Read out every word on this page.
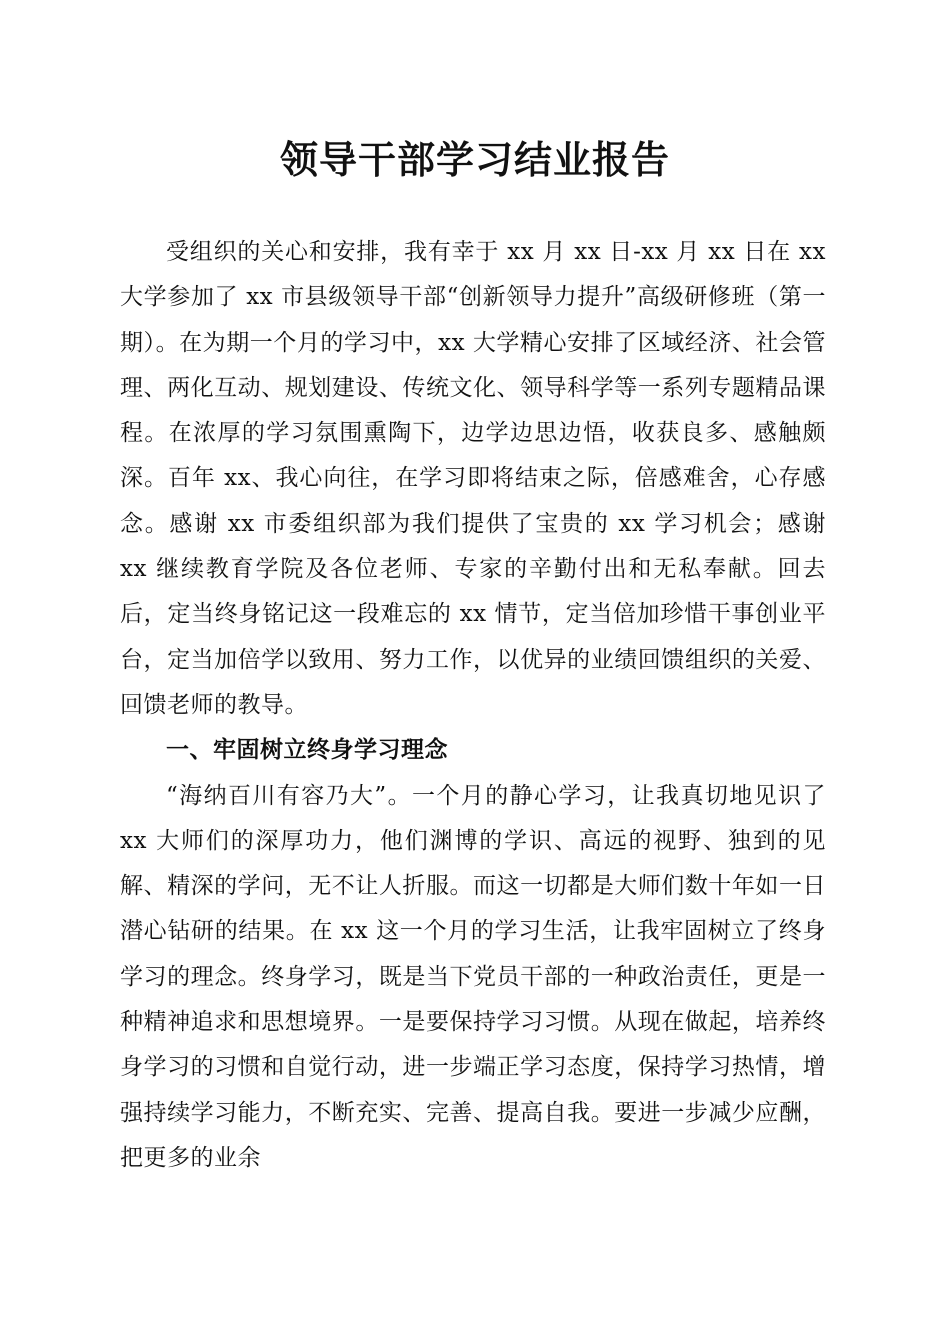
领导干部学习结业报告

受组织的关心和安排，我有幸于 xx 月 xx 日-xx 月 xx 日在 xx 大学参加了 xx 市县级领导干部“创新领导力提升”高级研修班（第一期）。在为期一个月的学习中，xx 大学精心安排了区域经济、社会管理、两化互动、规划建设、传统文化、领导科学等一系列专题精品课程。在浓厚的学习氛围熏陶下，边学边思边悟，收获良多、感触颇深。百年 xx、我心向往，在学习即将结束之际，倍感难舍，心存感念。感谢 xx 市委组织部为我们提供了宝贵的 xx 学习机会；感谢 xx 继续教育学院及各位老师、专家的辛勤付出和无私奉献。回去后，定当终身铭记这一段难忘的 xx 情节，定当倍加珍惜干事创业平台，定当加倍学以致用、努力工作，以优异的业绩回馈组织的关爱、回馈老师的教导。

一、牢固树立终身学习理念

“海纳百川有容乃大”。一个月的静心学习，让我真切地见识了 xx 大师们的深厚功力，他们渊博的学识、高远的视野、独到的见解、精深的学问，无不让人折服。而这一切都是大师们数十年如一日潜心钻研的结果。在 xx 这一个月的学习生活，让我牢固树立了终身学习的理念。终身学习，既是当下党员干部的一种政治责任，更是一种精神追求和思想境界。一是要保持学习习惯。从现在做起，培养终身学习的习惯和自觉行动，进一步端正学习态度，保持学习热情，增强持续学习能力，不断充实、完善、提高自我。要进一步减少应酬，把更多的业余
